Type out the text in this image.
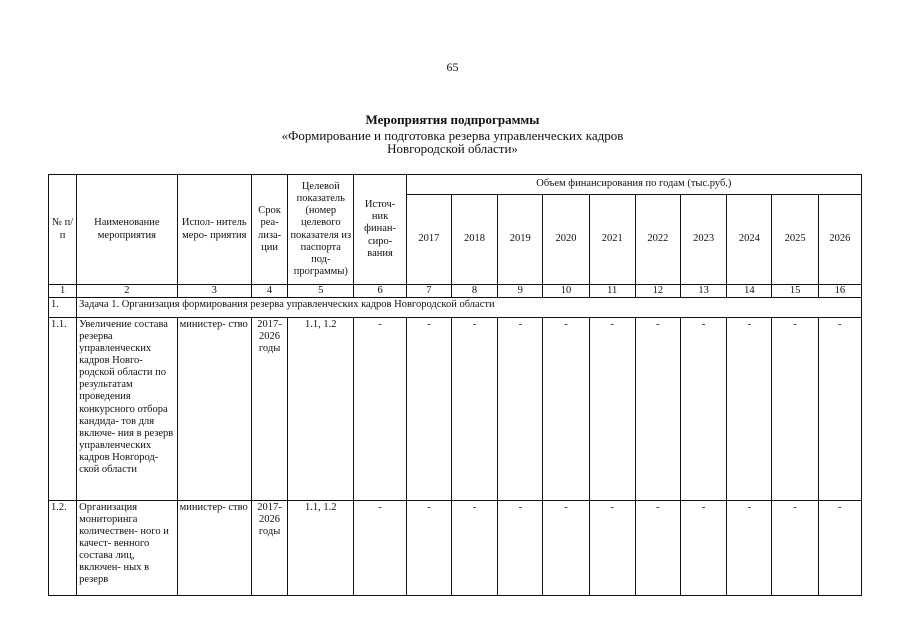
65
Мероприятия подпрограммы
«Формирование и подготовка резерва управленческих кадров
Новгородской области»
№ п/п	Наименование мероприятия	Испол- нитель меро- приятия	Срок реа- лиза- ции	Целевой показатель (номер целевого показателя из паспорта под- программы)	Источ- ник финан- сиро- вания	Объем финансирования по годам (тыс.руб.)									
						2017	2018	2019	2020	2021	2022	2023	2024	2025	2026
1	2	3	4	5	6	7	8	9	10	11	12	13	14	15	16
1.	Задача 1. Организация формирования резерва управленческих кадров Новгородской области														
1.1.	Увеличение состава резерва управленческих кадров Новго- родской области по результатам проведения конкурсного отбора кандида- тов для включе- ния в резерв управленческих кадров Новгород- ской области	министер- ство	2017- 2026 годы	1.1, 1.2	-	-	-	-	-	-	-	-	-	-	-
1.2.	Организация мониторинга количествен- ного и качест- венного состава лиц, включен- ных в резерв	министер- ство	2017- 2026 годы	1.1, 1.2	-	-	-	-	-	-	-	-	-	-	-
